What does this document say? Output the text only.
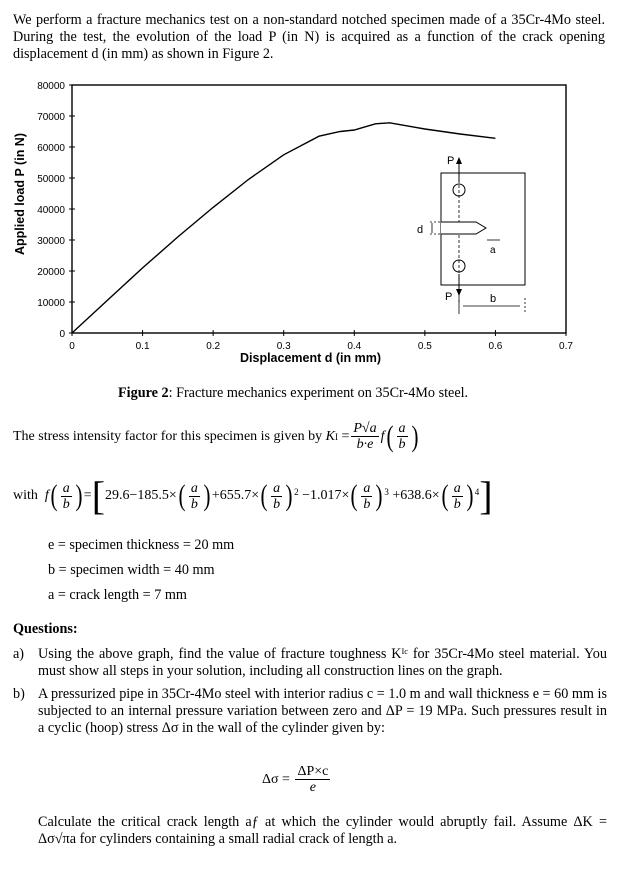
We perform a fracture mechanics test on a non-standard notched specimen made of a 35Cr-4Mo steel. During the test, the evolution of the load P (in N) is acquired as a function of the crack opening displacement d (in mm) as shown in Figure 2.
0
10000
20000
30000
40000
50000
60000
70000
80000
0	0.1	0.2	0.3	0.4	0.5	0.6	0.7
P
d
a
P	b
Displacement d (in mm)
Applied load P (in N)
Figure 2: Fracture mechanics experiment on 35Cr-4Mo steel.
The stress intensity factor for this specimen is given by
K $I = \frac{P√a}{b\cdot e}$ f ( $\frac{a}{b}$ )
with
f ( $\frac{a}{b}$ ) = [ 29.6−185.5× ( $\frac{a}{b}$ ) +655.7× ( $\frac{a}{b}$ ) 2
−1.017× ( $\frac{a}{b}$ ) 3
+638.6× ( $\frac{a}{b}$ ) 4 ]
e = specimen thickness = 20 mm
b = specimen width = 40 mm
a = crack length = 7 mm
Questions:
a) Using the above graph, find the value of fracture toughness Kᴵᶜ for 35Cr-4Mo steel material. You must show all steps in your solution, including all construction lines on the graph.
b) A pressurized pipe in 35Cr-4Mo steel with interior radius c = 1.0 m and wall thickness e = 60 mm is subjected to an internal pressure variation between zero and ΔP = 19 MPa. Such pressures result in a cyclic (hoop) stress Δσ in the wall of the cylinder given by:
Δσ =
$\frac{\Delta P\times c}{e}$
Calculate the critical crack length aƒ at which the cylinder would abruptly fail. Assume ΔK = Δσ√πa for cylinders containing a small radial crack of length a.
